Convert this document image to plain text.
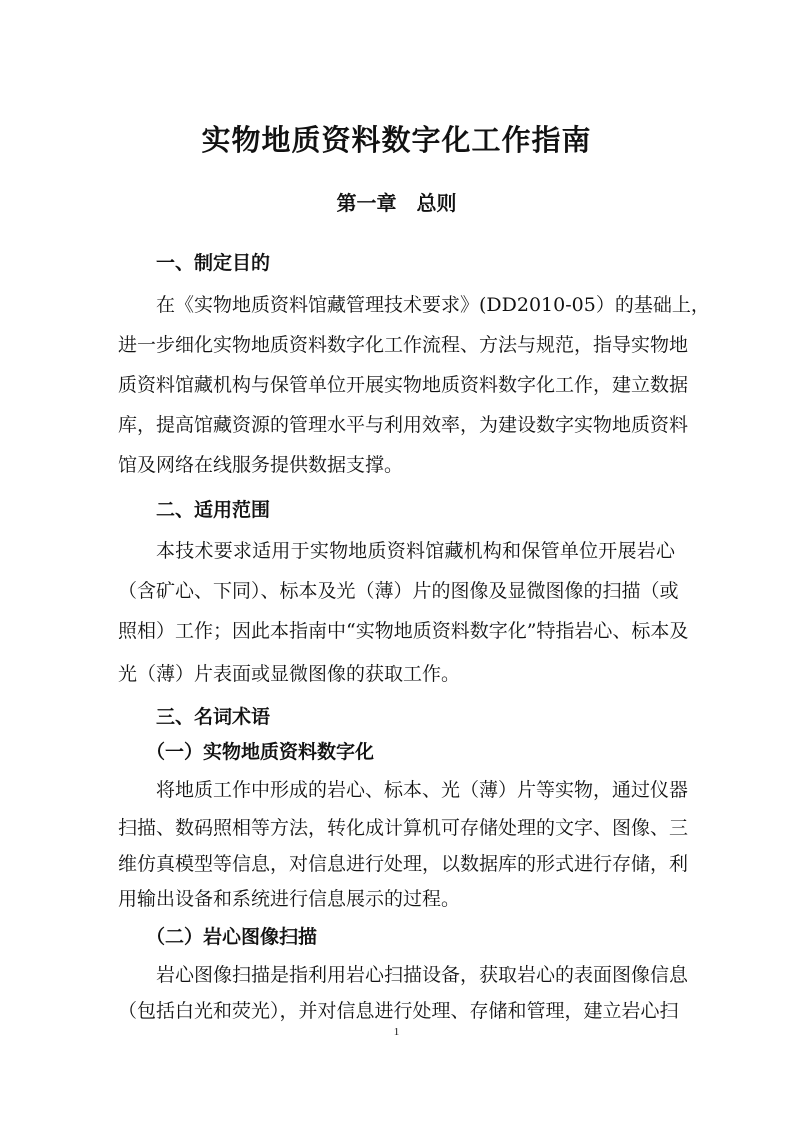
实物地质资料数字化工作指南
第一章　总则
一、制定目的
在《实物地质资料馆藏管理技术要求》(DD2010-05）的基础上，
进一步细化实物地质资料数字化工作流程、方法与规范，指导实物地
质资料馆藏机构与保管单位开展实物地质资料数字化工作，建立数据
库，提高馆藏资源的管理水平与利用效率，为建设数字实物地质资料
馆及网络在线服务提供数据支撑。
二、适用范围
本技术要求适用于实物地质资料馆藏机构和保管单位开展岩心
（含矿心、下同）、标本及光（薄）片的图像及显微图像的扫描（或
照相）工作；因此本指南中“实物地质资料数字化”特指岩心、标本及
光（薄）片表面或显微图像的获取工作。
三、名词术语
（一）实物地质资料数字化
将地质工作中形成的岩心、标本、光（薄）片等实物，通过仪器
扫描、数码照相等方法，转化成计算机可存储处理的文字、图像、三
维仿真模型等信息，对信息进行处理，以数据库的形式进行存储，利
用输出设备和系统进行信息展示的过程。
（二）岩心图像扫描
岩心图像扫描是指利用岩心扫描设备，获取岩心的表面图像信息
（包括白光和荧光），并对信息进行处理、存储和管理，建立岩心扫
1
